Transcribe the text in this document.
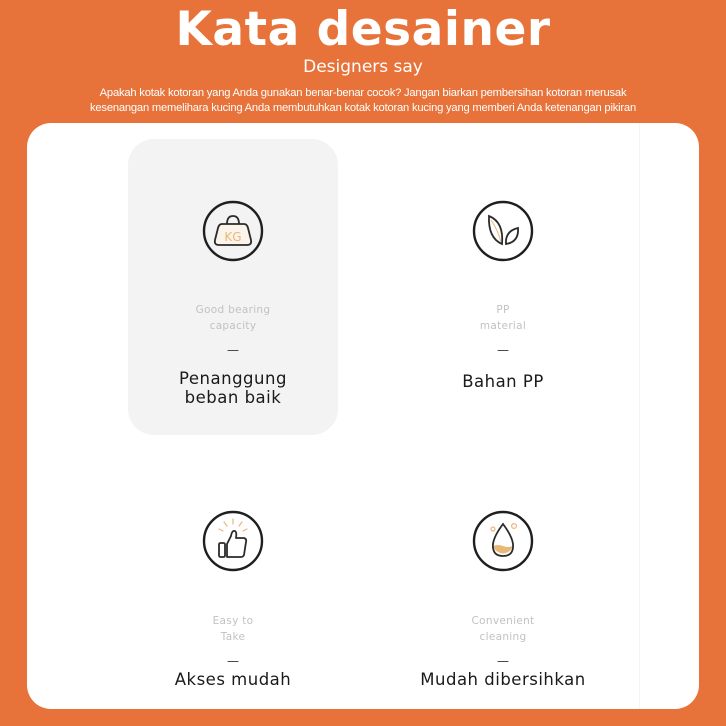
Kata desainer
Designers say
Apakah kotak kotoran yang Anda gunakan benar-benar cocok? Jangan biarkan pembersihan kotoran merusak
kesenangan memelihara kucing Anda membutuhkan kotak kotoran kucing yang memberi Anda ketenangan pikiran
KG
Good bearing
capacity
—
Penanggung
beban baik
PP
material
—
Bahan PP
Easy to
Take
—
Akses mudah
Convenient
cleaning
—
Mudah dibersihkan
